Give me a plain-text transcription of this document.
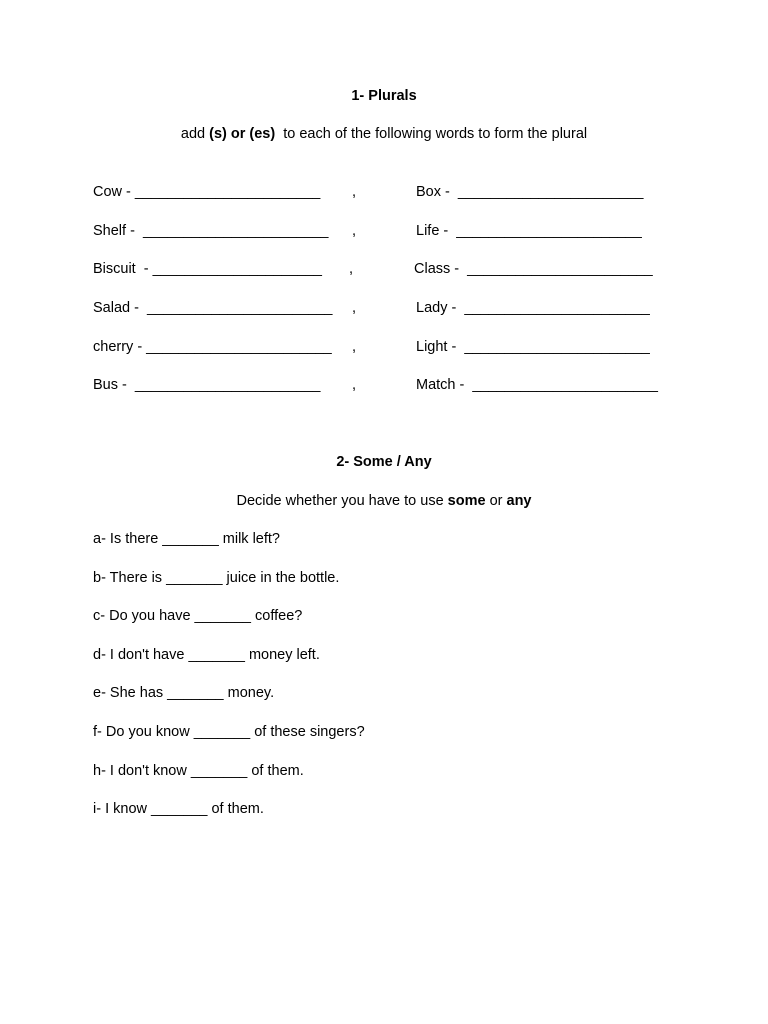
1- Plurals
add (s) or (es)  to each of the following words to form the plural
Cow - _______________________ ,	Box -  _______________________
Shelf -  _______________________ ,	Life -  _______________________
Biscuit  - _____________________ ,	Class -  _______________________
Salad -  _______________________ ,	Lady -  _______________________
cherry - _______________________ ,	Light -  _______________________
Bus -  _______________________ ,	Match -  _______________________
2- Some / Any
Decide whether you have to use some or any
a- Is there _______ milk left?
b- There is _______ juice in the bottle.
c- Do you have _______ coffee?
d- I don't have _______ money left.
e- She has _______ money.
f- Do you know _______ of these singers?
h- I don't know _______ of them.
i- I know _______ of them.
